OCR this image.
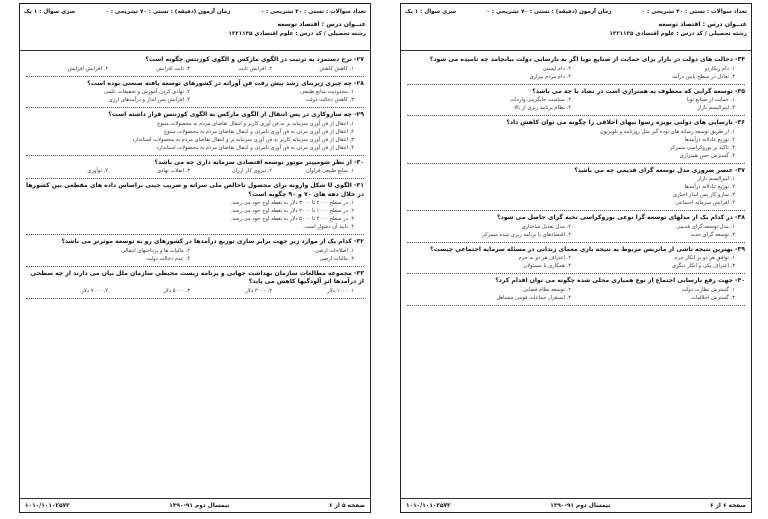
تعداد سوالات : تستی : ۴۰ تشریحی : ۰
زمان آزمون (دقیقه) : تستی : ۷۰ تشریحی : ۰
سری سوال : ۱ یک
عنــوان درس : اقتصاد توسعه
رشته تحصیلی / کد درس : علوم اقتصادی ۱۲۲۱۱۳۵
۲۷- نرخ دستمزد به ترتیب در الگوی مارکس و الگوی کوزنتس چگونه است؟
۱. کاهش کاهش
۲. افزایش ثابت
۳. ثابت افزایش
۴. افزایش افزایش
۲۸- چه چیزی زیربنای رشد پیش رفت فن آورانه در کشورهای توسعه یافته صنعتی بوده است؟
۱. محدودیت منابع طبیعی
۲. نهادی کردن آموزش و تحقیقات علمی
۳. کاهش دخالت دولت
۴. افزایش پس انداز و درآمدهای ارزی
۲۹- چه سازوکاری در پس انتقال از الگوی مارکس به الگوی کوزنتس قرار داشته است؟
۱. انتقال از فن آوری سرمایه بر به فن آوری کاربر و انتقال تقاضای مردم به محصولات متنوع
۲. انتقال از فن آوری مرئی به فن آوری نامرئی و انتقال تقاضای مردم به محصولات متنوع
۳. انتقال از فن آوری سرمایه کاربر به فن آوری سرمایه بر و انتقال تقاضای مردم به محصولات استاندارد
۴. انتقال از فن آوری مرئی به فن آوری نامرئی و انتقال تقاضای مردم به محصولات استاندارد
۳۰- از نظر شومپیتر موتور توسعه اقتصادی سرمایه داری چه می باشد؟
۱. منابع طبیعی فراوان
۲. نیروی کار ارزان
۳. انقلاب نهادی
۴. نوآوری
۳۱- الگوی U شکل وارونه برای محصول ناخالص ملی سرانه و ضریب جینی براساس داده های مقطعی بین کشورها در خلال دهه های ۷۰ و ۹۰ چگونه است؟
۱. در سطح ۲۰۰۰ تا ۳۰۰۰ دلار به نقطه اوج خود می رسد.
۲. در سطح ۱۰۰۰ تا ۲۰۰۰ دلار به نقطه اوج خود می رسد.
۳. در سطح ۴۰۰۰ تا ۵۰۰۰ دلار به نقطه اوج خود می رسد.
۴. تایید آن دشوار است.
۳۲- کدام یک از موارد زیر جهت برابر سازی توزیع درآمدها در کشورهای رو به توسعه موثرتر می باشد؟
۱. اصلاحات ارضی
۲. مالیات ها و پرداختهای انتقالی
۳. مالیات ارضی
۴. عدم دخالت دولت
۳۳- مجموعه مطالعات سازمان بهداشت جهانی و برنامه زیست محیطی سازمان ملل بیان می دارند از چه سطحی از درآمدها اثر آلودگیها کاهش می یابد؟
۱. ۱۰۰۰ دلار
۲. ۳۰۰۰ دلار
۳. ۵۰۰۰ دلار
۴. ۷۰۰۰ دلار
صفحه ۵ از ۶
نیمسال دوم ۹۱-۱۳۹۰
۱۰۱۰/۱۰۱۰۲۵۷۲
تعداد سوالات : تستی : ۴۰ تشریحی : ۰
زمان آزمون (دقیقه) : تستی : ۷۰ تشریحی : ۰
سری سوال : ۱ یک
عنــوان درس : اقتصاد توسعه
رشته تحصیلی / کد درس : علوم اقتصادی ۱۲۲۱۱۳۵
۳۴- دخالت های دولت در بازار برای حمایت از صنایع نوپا اگر به نارسایی دولت بیانجامد چه نامیده می شود؟
۱. دام ریکاردو
۲. دام لیستی
۳. تعادل در سطح پایین درآمد
۴. دام مردم بیزاری
۳۵- توسعه گرایی که معطوف به همترازی است در تضاد با چه می باشد؟
۱. حمایت از صنایع نوپا
۲. سیاست جایگزینی واردات
۳. لیبرالیسم بازار
۴. نظام برنامه ریزی از بالا
۳۶- نارسایی های دولتی بویژه رسوا ییهای اخلاقی را چگونه می توان کاهش داد؟
۱. از طریق توسعه رسانه های توده گیر مثل روزنامه و تلویزیون
۲. توزیع عادلانه درآمدها
۳. تاکید بر بوروکراسی متمرکز
۴. گسترش حس همترازی
۳۷- عنصر ضروری مدل توسعه گرای قدیمی چه می باشد؟
۱. لیبرالیسم بازار
۲. توزیع عادلانه درآمدها
۳. سازو کار پس انداز اجباری
۴. افزایش سرمایه اجتماعی
۳۸- در کدام یک از مدلهای توسعه گرا نوعی بوروکراسی نخبه گرای حاصل می شود؟
۱. مدل توسعه گرای قدیمی
۲. مدل تعدیل ساختاری
۳. توسعه گرای جدید
۴. اقتصادهای با برنامه ریزی شده متمرکز
۳۹- بهترین نتیجه ناشی از ماتریس مربوط به نتیجه بازی معمای زندانی در مسئله سرمایه اجتماعی چیست؟
۱. توافق هر دو بر انکار جرم
۲. اعتراف هر دو به جرم
۳. اعتراف یکی و انکار دیگری
۴. همکاری با مسئولان
۴۰- جهت رفع نارسایی اجتماع از نوع همیاری محلی شده چگونه می توان اقدام کرد؟
۱. گسترش نظارت دولت
۲. توسعه نظام قضایی
۳. گسترش اخلاقیات
۴. استقرار جماعات قومی متساهل
صفحه ۶ از ۶
نیمسال دوم ۹۱-۱۳۹۰
۱۰۱۰/۱۰۱۰۲۵۷۲
